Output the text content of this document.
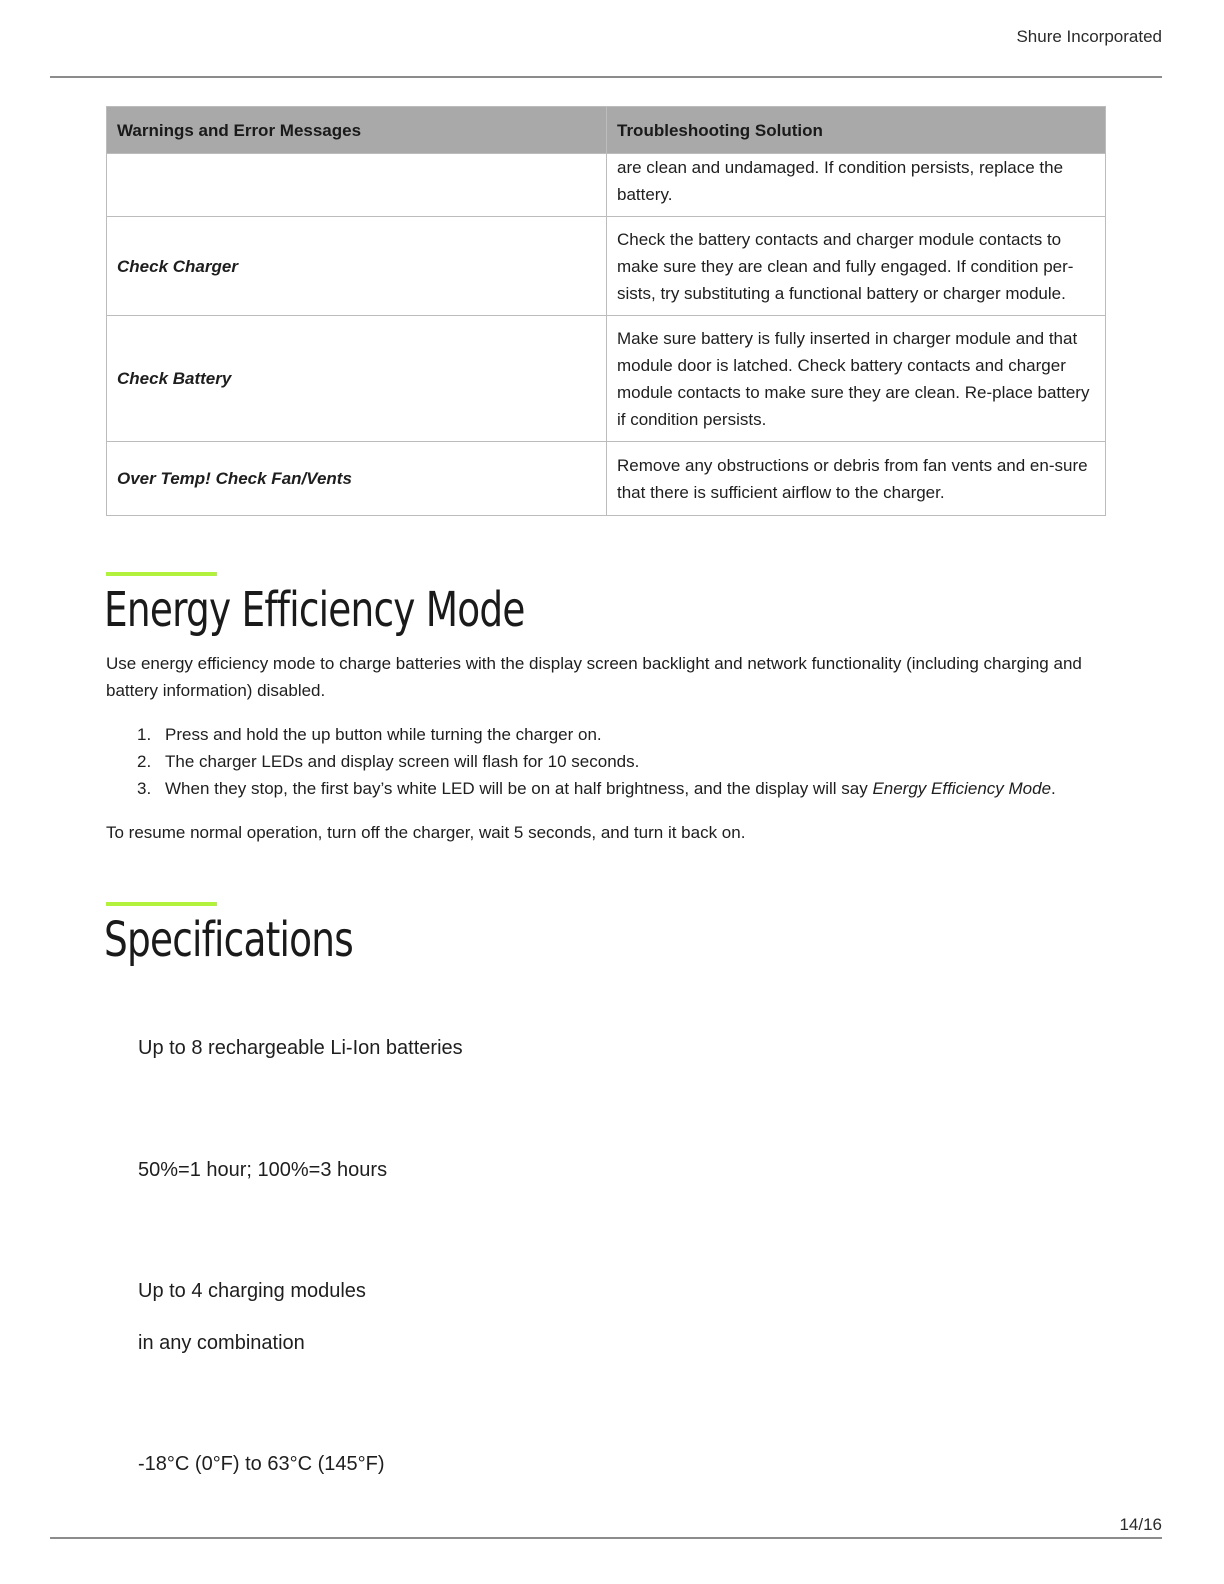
Shure Incorporated
Warnings and Error Messages	Troubleshooting Solution
	are clean and undamaged. If condition persists, replace the battery.
Check Charger	Check the battery contacts and charger module contacts to make sure they are clean and fully engaged. If condition per-sists, try substituting a functional battery or charger module.
Check Battery	Make sure battery is fully inserted in charger module and that module door is latched. Check battery contacts and charger module contacts to make sure they are clean. Re-place battery if condition persists.
Over Temp! Check Fan/Vents	Remove any obstructions or debris from fan vents and en-sure that there is sufficient airflow to the charger.
Energy Efficiency Mode

Use energy efficiency mode to charge batteries with the display screen backlight and network functionality (including charging and battery information) disabled.

1. Press and hold the up button while turning the charger on.
2. The charger LEDs and display screen will flash for 10 seconds.
3. When they stop, the first bay’s white LED will be on at half brightness, and the display will say Energy Efficiency Mode.

To resume normal operation, turn off the charger, wait 5 seconds, and turn it back on.

Specifications
Up to 8 rechargeable Li-Ion batteries
50%=1 hour; 100%=3 hours
Up to 4 charging modules
in any combination
-18°C (0°F) to 63°C (145°F)
14/16
